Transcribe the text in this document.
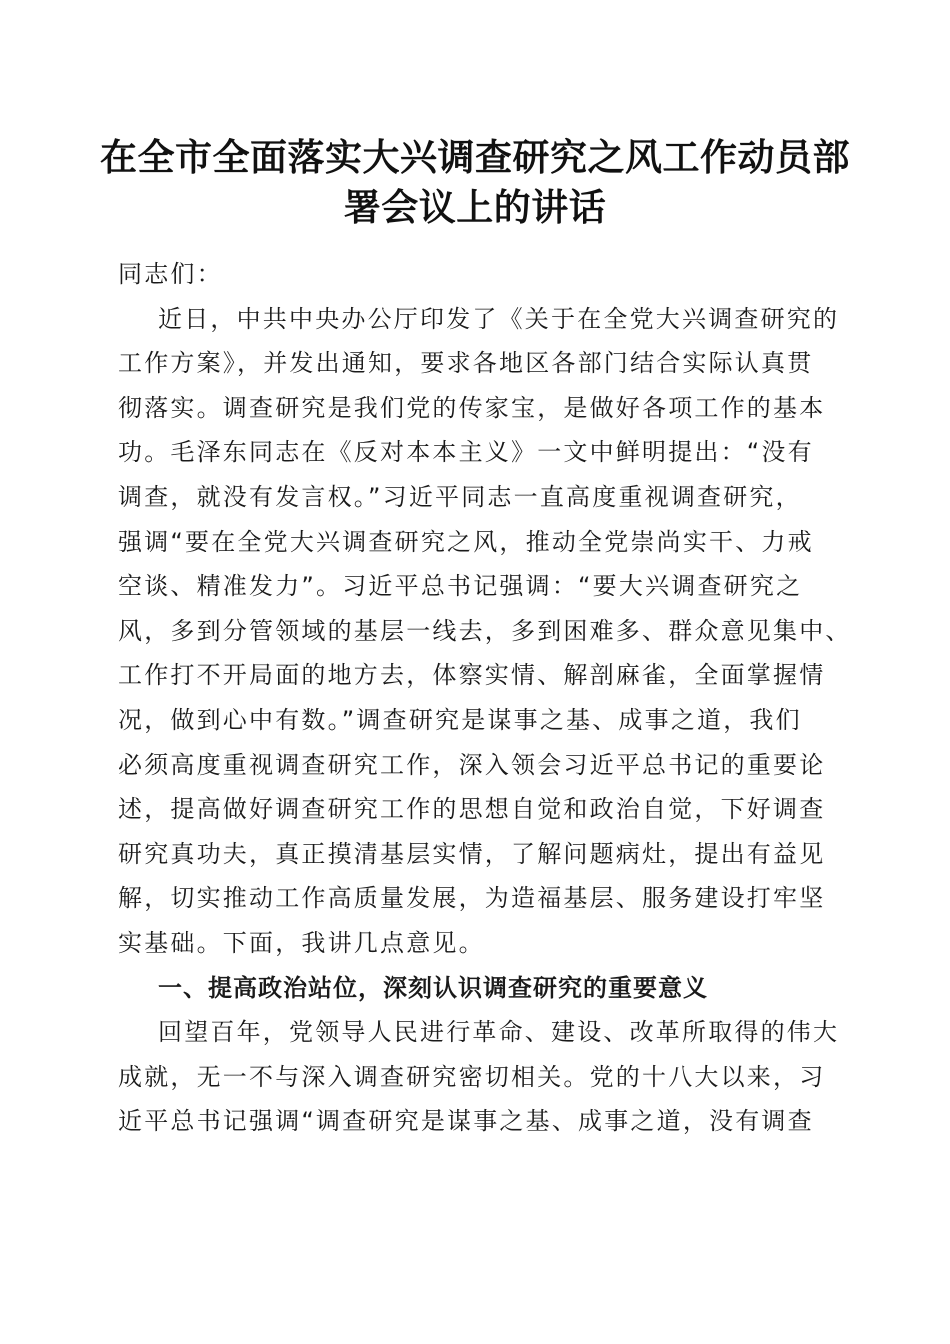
在全市全面落实大兴调查研究之风工作动员部
署会议上的讲话
同志们：
近日，中共中央办公厅印发了《关于在全党大兴调查研究的
工作方案》，并发出通知，要求各地区各部门结合实际认真贯
彻落实。调查研究是我们党的传家宝，是做好各项工作的基本
功。毛泽东同志在《反对本本主义》一文中鲜明提出：“没有
调查，就没有发言权。”习近平同志一直高度重视调查研究，
强调“要在全党大兴调查研究之风，推动全党崇尚实干、力戒
空谈、精准发力”。习近平总书记强调：“要大兴调查研究之
风，多到分管领域的基层一线去，多到困难多、群众意见集中、
工作打不开局面的地方去，体察实情、解剖麻雀，全面掌握情
况，做到心中有数。”调查研究是谋事之基、成事之道，我们
必须高度重视调查研究工作，深入领会习近平总书记的重要论
述，提高做好调查研究工作的思想自觉和政治自觉，下好调查
研究真功夫，真正摸清基层实情，了解问题病灶，提出有益见
解，切实推动工作高质量发展，为造福基层、服务建设打牢坚
实基础。下面，我讲几点意见。
一、提高政治站位，深刻认识调查研究的重要意义
回望百年，党领导人民进行革命、建设、改革所取得的伟大
成就，无一不与深入调查研究密切相关。党的十八大以来，习
近平总书记强调“调查研究是谋事之基、成事之道，没有调查
